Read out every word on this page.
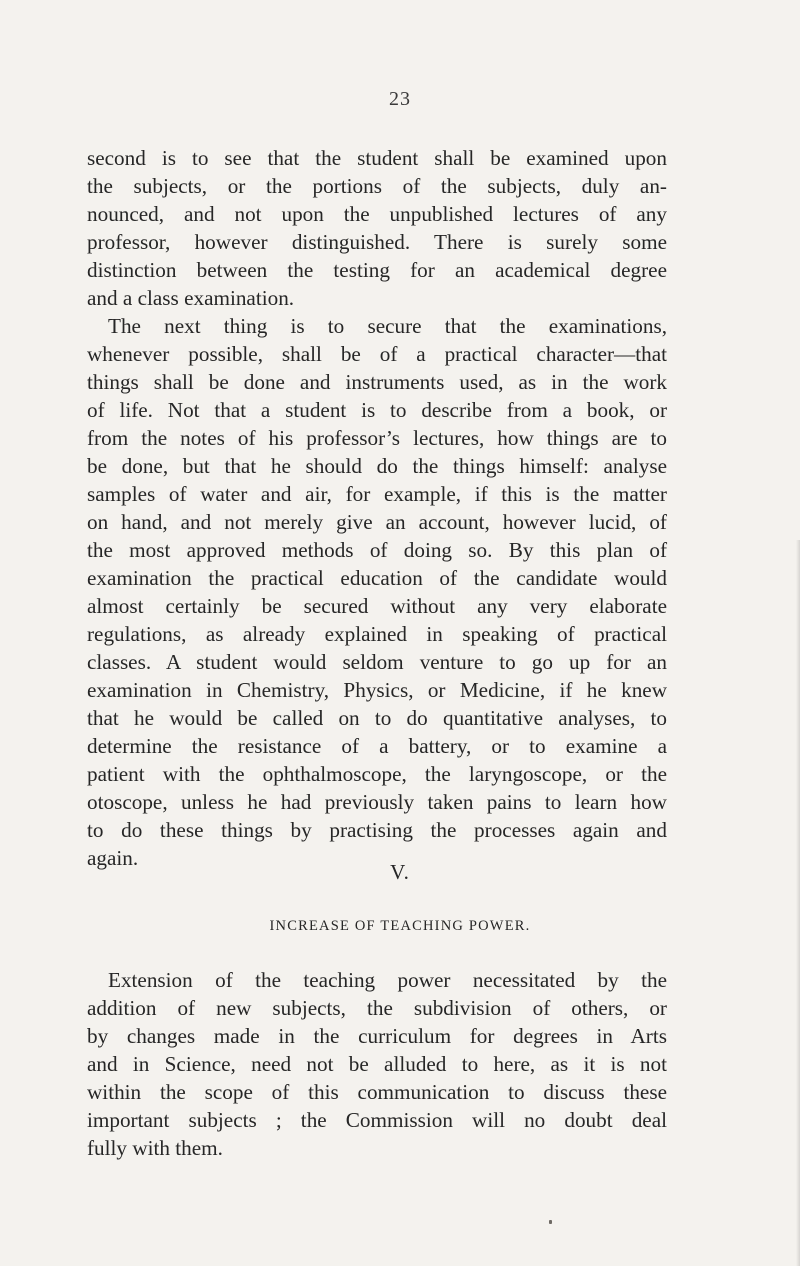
23
second is to see that the student shall be examined upon
the subjects, or the portions of the subjects, duly an-
nounced, and not upon the unpublished lectures of any
professor, however distinguished. There is surely some
distinction between the testing for an academical degree
and a class examination.
The next thing is to secure that the examinations,
whenever possible, shall be of a practical character—that
things shall be done and instruments used, as in the work
of life. Not that a student is to describe from a book, or
from the notes of his professor’s lectures, how things are to
be done, but that he should do the things himself: analyse
samples of water and air, for example, if this is the matter
on hand, and not merely give an account, however lucid, of
the most approved methods of doing so. By this plan of
examination the practical education of the candidate would
almost certainly be secured without any very elaborate
regulations, as already explained in speaking of practical
classes. A student would seldom venture to go up for an
examination in Chemistry, Physics, or Medicine, if he knew
that he would be called on to do quantitative analyses, to
determine the resistance of a battery, or to examine a
patient with the ophthalmoscope, the laryngoscope, or the
otoscope, unless he had previously taken pains to learn how
to do these things by practising the processes again and
again.
V.
INCREASE OF TEACHING POWER.
Extension of the teaching power necessitated by the
addition of new subjects, the subdivision of others, or
by changes made in the curriculum for degrees in Arts
and in Science, need not be alluded to here, as it is not
within the scope of this communication to discuss these
important subjects ; the Commission will no doubt deal
fully with them.
